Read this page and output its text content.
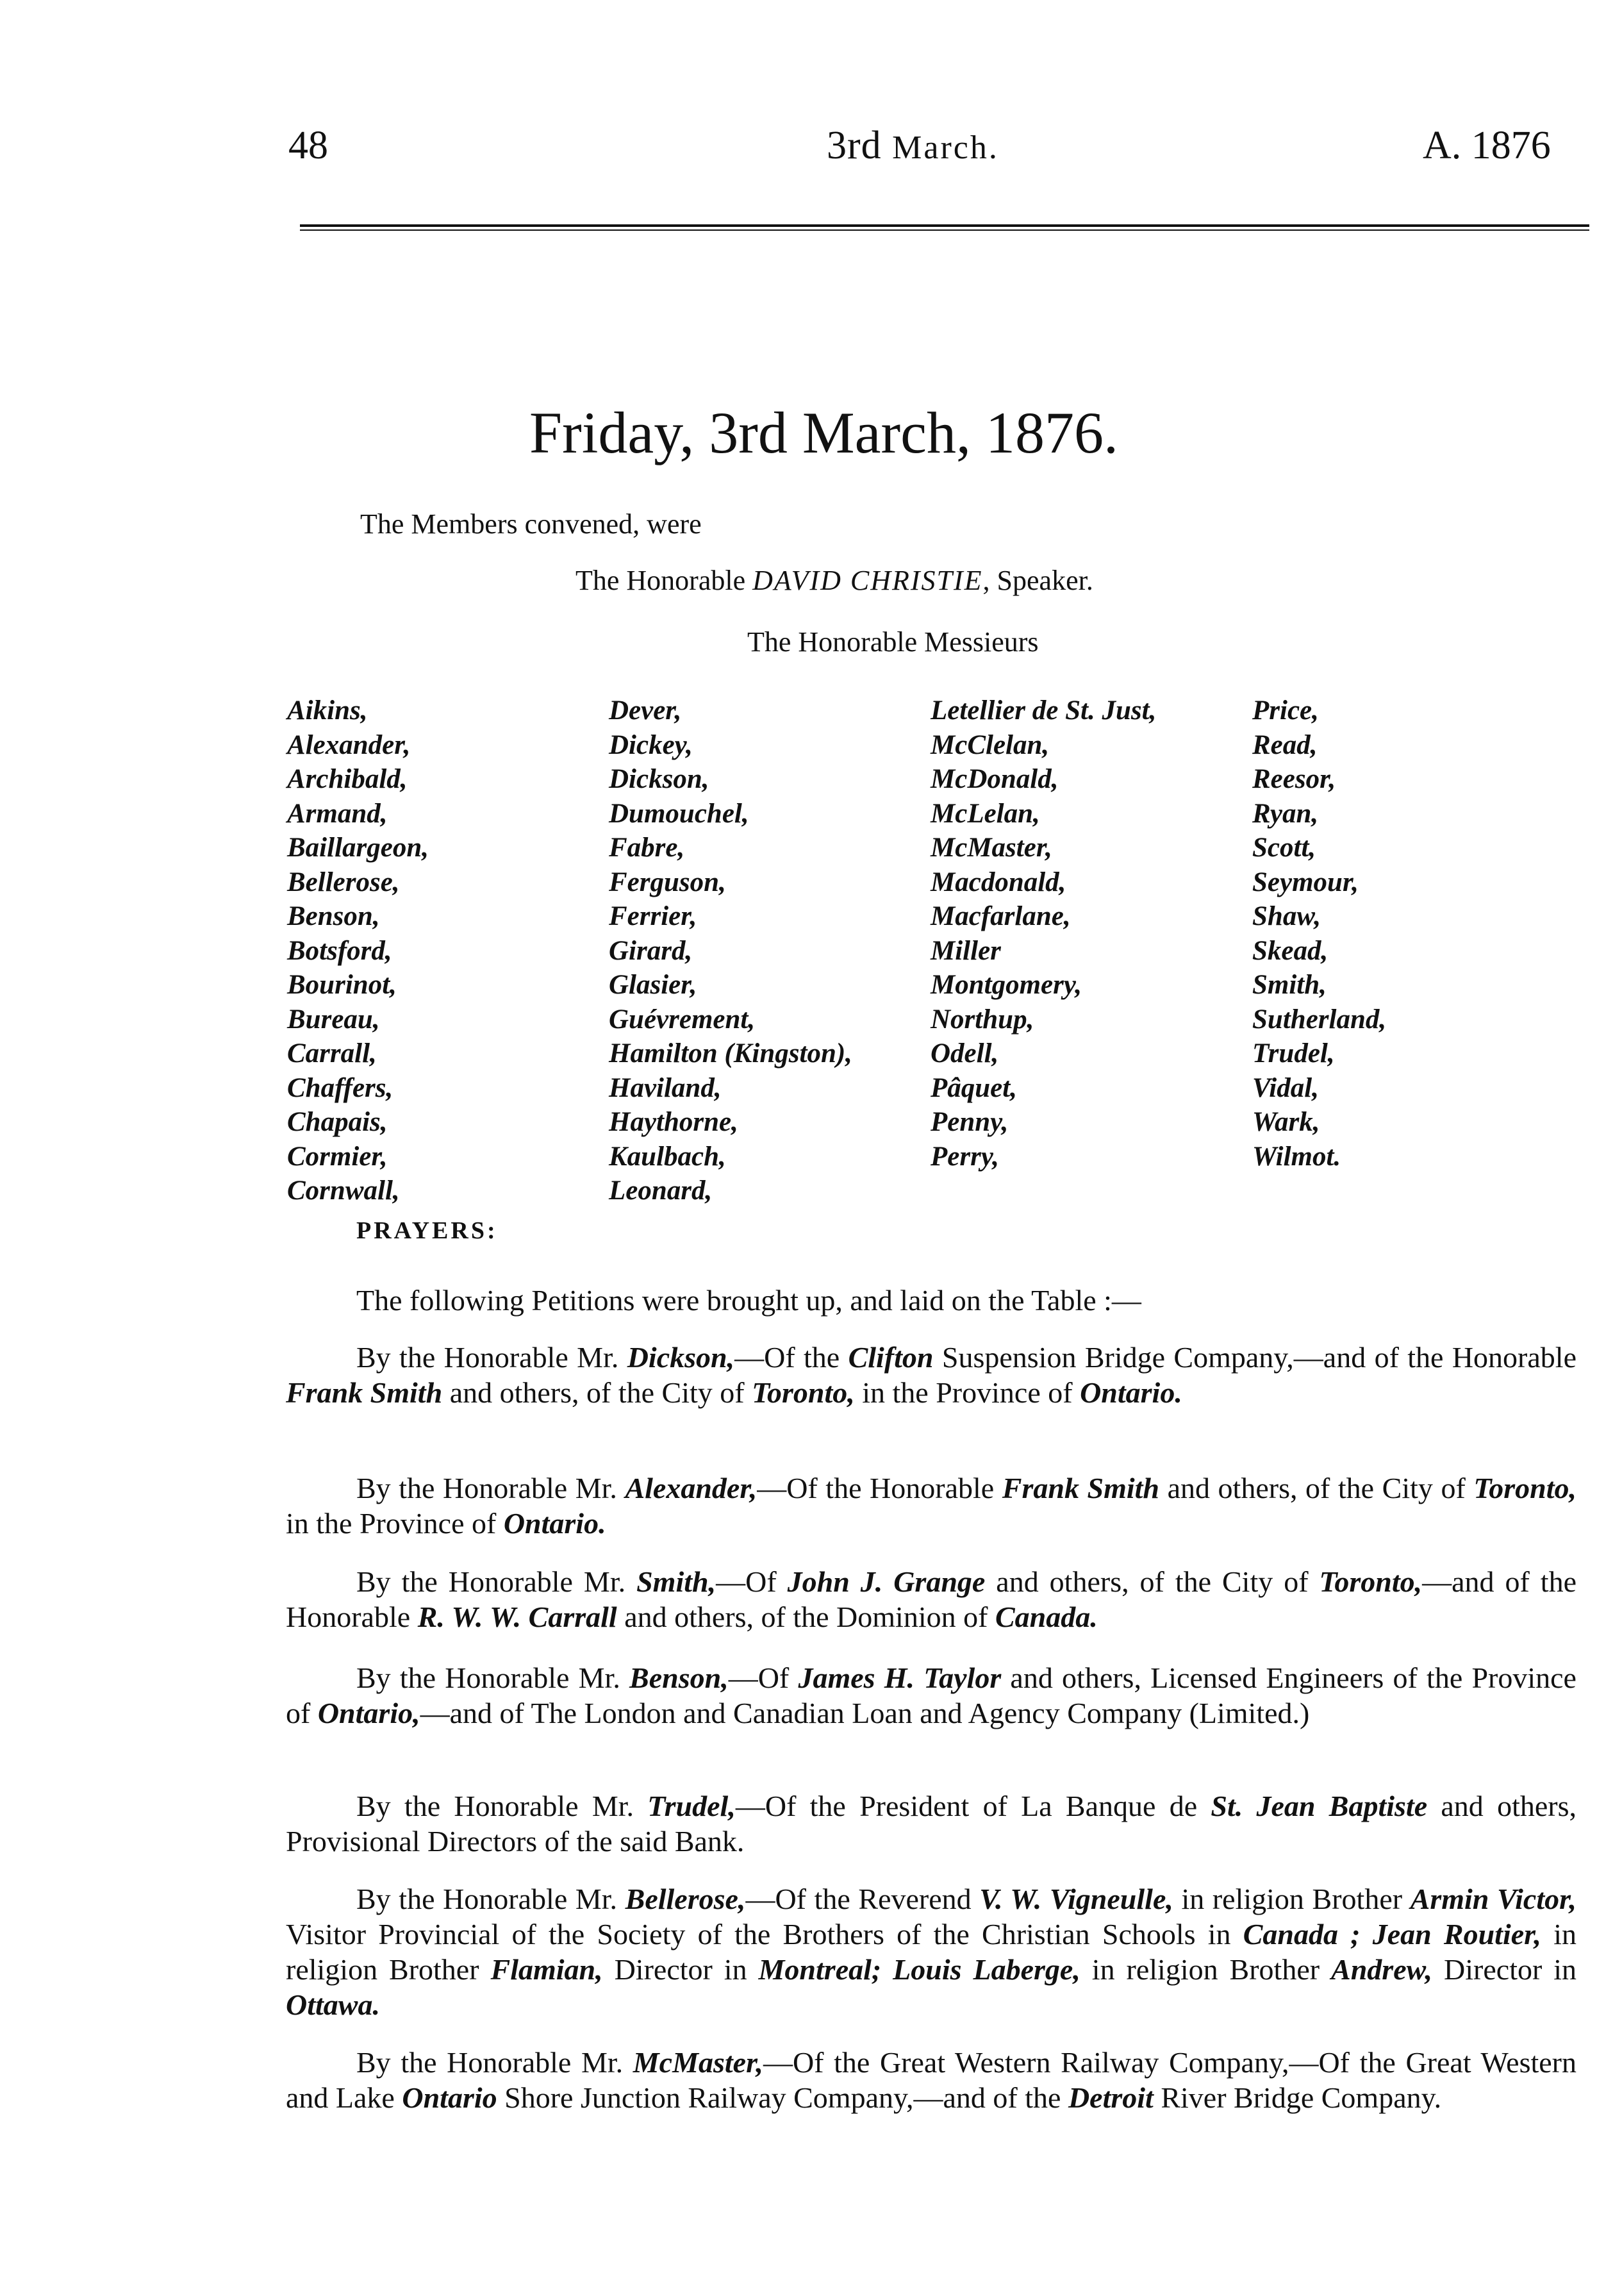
48	3rd March.	A. 1876
Friday, 3rd March, 1876.
The Members convened, were
The Honorable DAVID CHRISTIE, Speaker.
The Honorable Messieurs
Aikins,
Alexander,
Archibald,
Armand,
Baillargeon,
Bellerose,
Benson,
Botsford,
Bourinot,
Bureau,
Carrall,
Chaffers,
Chapais,
Cormier,
Cornwall,
Dever,
Dickey,
Dickson,
Dumouchel,
Fabre,
Ferguson,
Ferrier,
Girard,
Glasier,
Guévrement,
Hamilton (Kingston),
Haviland,
Haythorne,
Kaulbach,
Leonard,
Letellier de St. Just,
McClelan,
McDonald,
McLelan,
McMaster,
Macdonald,
Macfarlane,
Miller
Montgomery,
Northup,
Odell,
Pâquet,
Penny,
Perry,
Price,
Read,
Reesor,
Ryan,
Scott,
Seymour,
Shaw,
Skead,
Smith,
Sutherland,
Trudel,
Vidal,
Wark,
Wilmot.
PRAYERS:
The following Petitions were brought up, and laid on the Table :—

By the Honorable Mr. Dickson,—Of the Clifton Suspension Bridge Company,—and of the Honorable Frank Smith and others, of the City of Toronto, in the Province of Ontario.

By the Honorable Mr. Alexander,—Of the Honorable Frank Smith and others, of the City of Toronto, in the Province of Ontario.

By the Honorable Mr. Smith,—Of John J. Grange and others, of the City of Toronto,—and of the Honorable R. W. W. Carrall and others, of the Dominion of Canada.

By the Honorable Mr. Benson,—Of James H. Taylor and others, Licensed Engineers of the Province of Ontario,—and of The London and Canadian Loan and Agency Company (Limited.)

By the Honorable Mr. Trudel,—Of the President of La Banque de St. Jean Baptiste and others, Provisional Directors of the said Bank.

By the Honorable Mr. Bellerose,—Of the Reverend V. W. Vigneulle, in religion Brother Armin Victor, Visitor Provincial of the Society of the Brothers of the Christian Schools in Canada ; Jean Routier, in religion Brother Flamian, Director in Montreal; Louis Laberge, in religion Brother Andrew, Director in Ottawa.

By the Honorable Mr. McMaster,—Of the Great Western Railway Company,—Of the Great Western and Lake Ontario Shore Junction Railway Company,—and of the Detroit River Bridge Company.
